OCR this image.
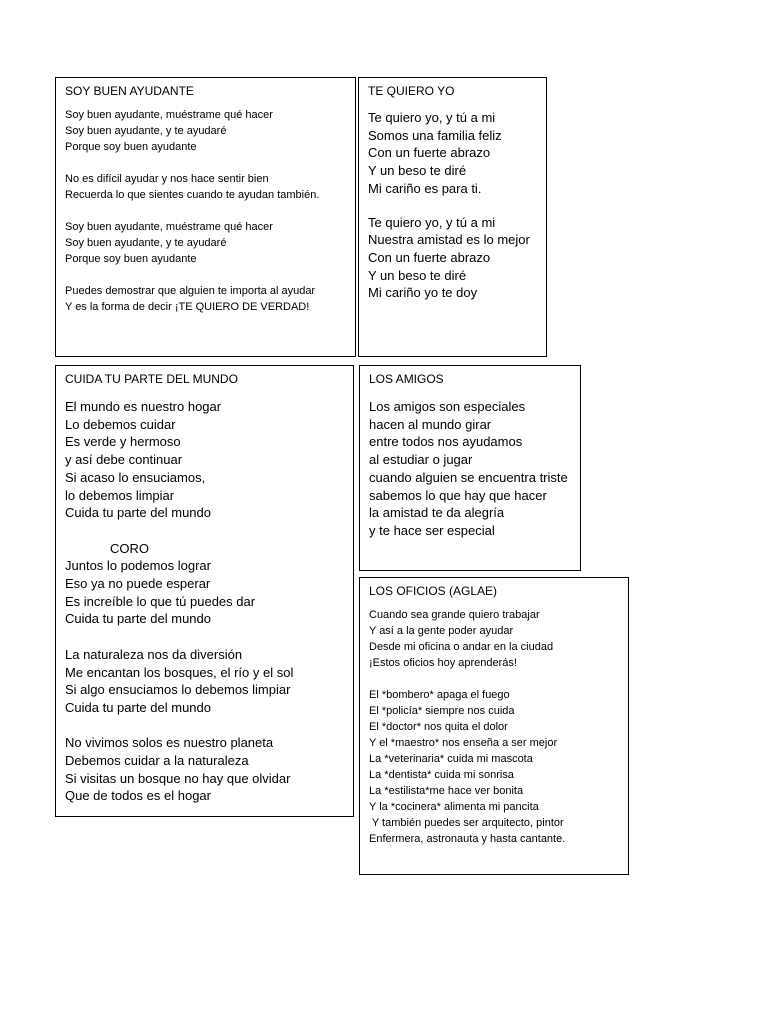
SOY BUEN AYUDANTE
Soy buen ayudante, muéstrame qué hacer
Soy buen ayudante, y te ayudaré
Porque soy buen ayudante
No es difícil ayudar y nos hace sentir bien
Recuerda lo que sientes cuando te ayudan también.
Soy buen ayudante, muéstrame qué hacer
Soy buen ayudante, y te ayudaré
Porque soy buen ayudante
Puedes demostrar que alguien te importa al ayudar
Y es la forma de decir ¡TE QUIERO DE VERDAD!
TE QUIERO YO
Te quiero yo, y tú a mi
Somos una familia feliz
Con un fuerte abrazo
Y un beso te diré
Mi cariño es para ti.
Te quiero yo, y tú a mi
Nuestra amistad es lo mejor
Con un fuerte abrazo
Y un beso te diré
Mi cariño yo te doy
CUIDA TU PARTE DEL MUNDO
El mundo es nuestro hogar
Lo debemos cuidar
Es verde y hermoso
y así debe continuar
Si acaso lo ensuciamos,
lo debemos limpiar
Cuida tu parte del mundo
CORO
Juntos lo podemos lograr
Eso ya no puede esperar
Es increíble lo que tú puedes dar
Cuida tu parte del mundo
La naturaleza nos da diversión
Me encantan los bosques, el río y el sol
Si algo ensuciamos lo debemos limpiar
Cuida tu parte del mundo
No vivimos solos es nuestro planeta
Debemos cuidar a la naturaleza
Si visitas un bosque no hay que olvidar
Que de todos es el hogar
LOS AMIGOS
Los amigos son especiales
hacen al mundo girar
entre todos nos ayudamos
al estudiar o jugar
cuando alguien se encuentra triste
sabemos lo que hay que hacer
la amistad te da alegría
y te hace ser especial
LOS OFICIOS (AGLAE)
Cuando sea grande quiero trabajar
Y así a la gente poder ayudar
Desde mi oficina o andar en la ciudad
¡Estos oficios hoy aprenderás!
El *bombero* apaga el fuego
El *policía* siempre nos cuida
El *doctor* nos quita el dolor
Y el *maestro* nos enseña a ser mejor
La *veterinaria* cuida mi mascota
La *dentista* cuida mi sonrisa
La *estilista*me hace ver bonita
Y la *cocinera* alimenta mi pancita
Y también puedes ser arquitecto, pintor
Enfermera, astronauta y hasta cantante.
